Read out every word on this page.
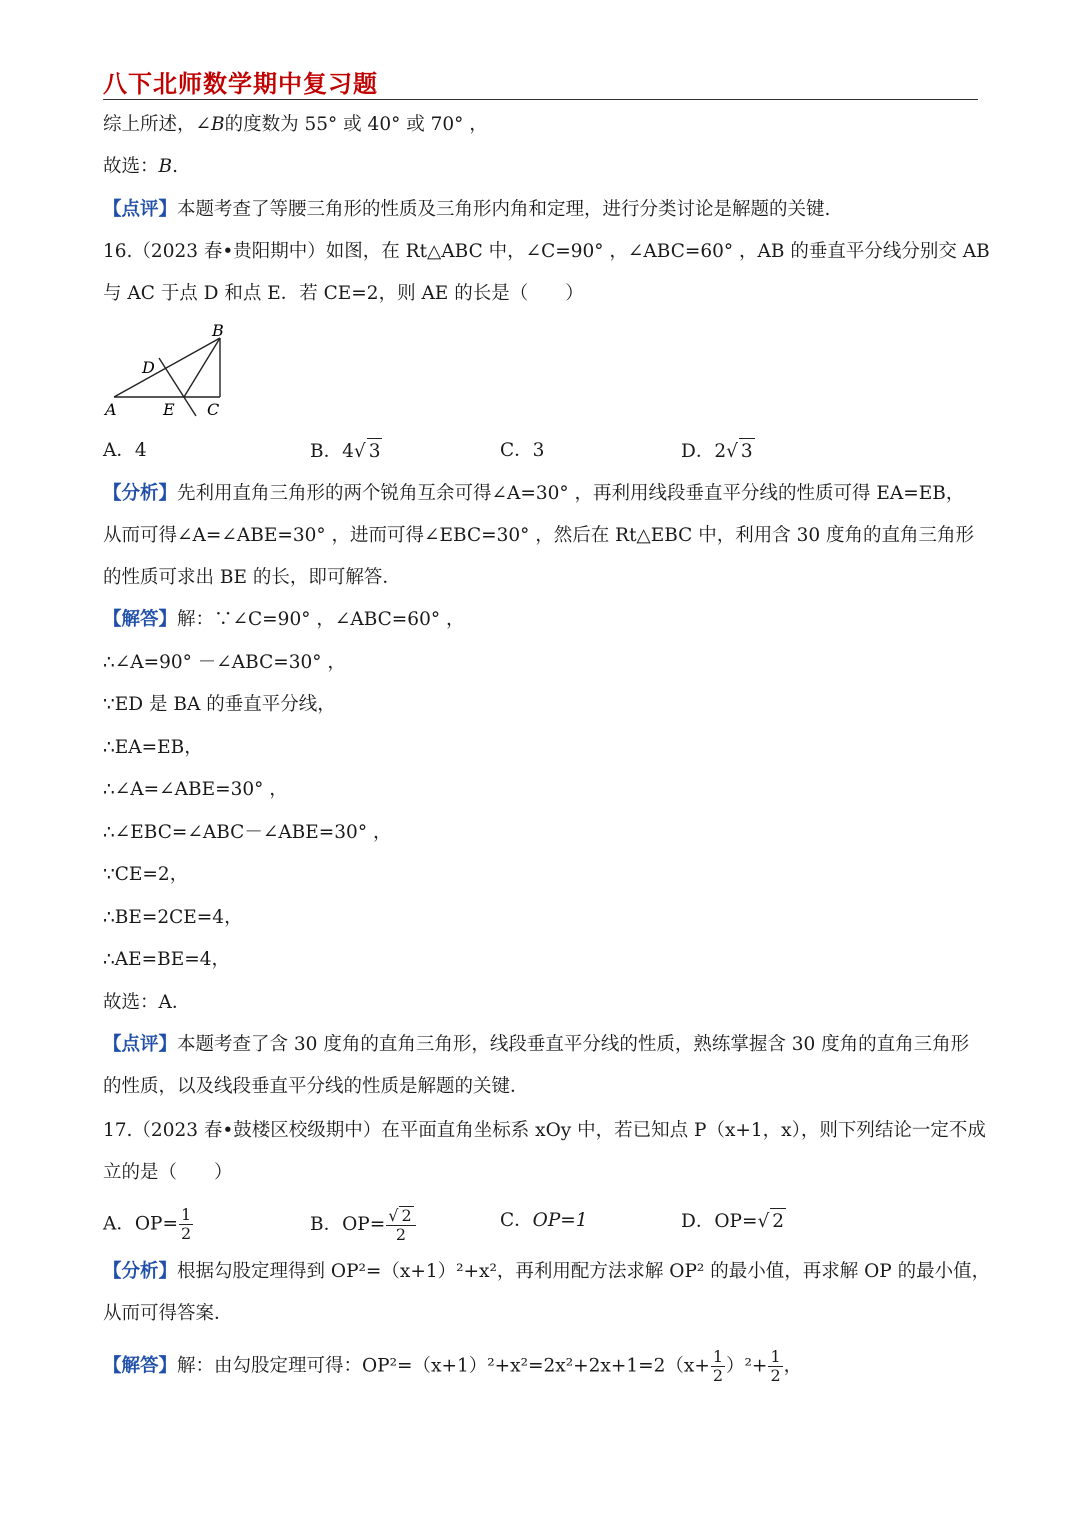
八下北师数学期中复习题
综上所述，∠B的度数为 55° 或 40° 或 70° ，
故选：B.
【点评】本题考查了等腰三角形的性质及三角形内角和定理，进行分类讨论是解题的关键.
16.（2023 春•贵阳期中）如图，在 Rt△ABC 中，∠C=90° ，∠ABC=60° ，AB 的垂直平分线分别交 AB
与 AC 于点 D 和点 E．若 CE=2，则 AE 的长是（　　）
A
B
C
D
E
A．4	B．4√ 3	C．3	D．2√ 3
【分析】先利用直角三角形的两个锐角互余可得∠A=30° ，再利用线段垂直平分线的性质可得 EA=EB，
从而可得∠A=∠ABE=30° ，进而可得∠EBC=30° ，然后在 Rt△EBC 中，利用含 30 度角的直角三角形
的性质可求出 BE 的长，即可解答．
【解答】解：∵∠C=90° ，∠ABC=60° ，
∴∠A=90° －∠ABC=30° ，
∵ED 是 BA 的垂直平分线，
∴EA=EB，
∴∠A=∠ABE=30° ，
∴∠EBC=∠ABC－∠ABE=30° ，
∵CE=2，
∴BE=2CE=4，
∴AE=BE=4，
故选：A．
【点评】本题考查了含 30 度角的直角三角形，线段垂直平分线的性质，熟练掌握含 30 度角的直角三角形
的性质，以及线段垂直平分线的性质是解题的关键．
17.（2023 春•鼓楼区校级期中）在平面直角坐标系 xOy 中，若已知点 P（x+1，x），则下列结论一定不成
立的是（　　）
A．$OP= \frac{1}{2}$	B．$OP= \frac{√ 2}{2}$	C．OP=1	D．OP=√ 2
【分析】根据勾股定理得到 OP²=（x+1）²+x²，再利用配方法求解 OP² 的最小值，再求解 OP 的最小值，
从而可得答案．
【解答】解：由勾股定理可得：$OP^2=(x+1)^2+x^2=2x^2+2x+1=2(x+ \frac{1}{2} )^2+ \frac{1}{2}$ ，
